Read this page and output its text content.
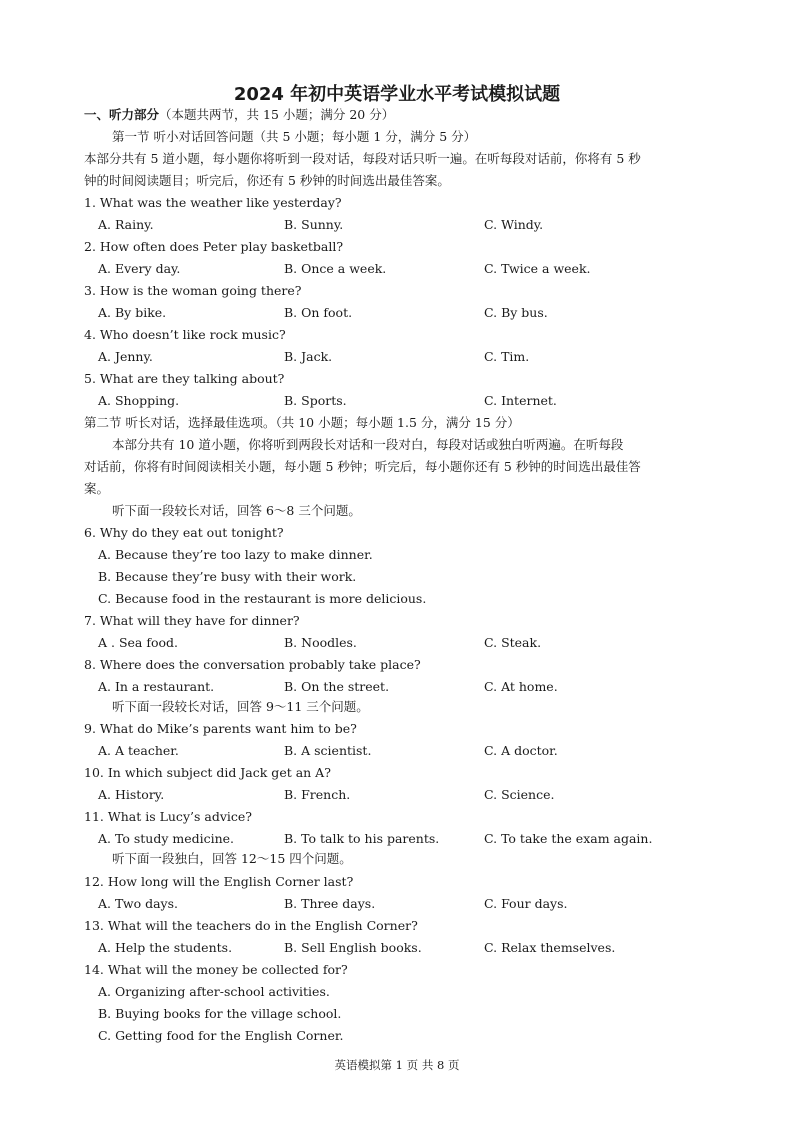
2024 年初中英语学业水平考试模拟试题
一、听力部分（本题共两节，共 15 小题；满分 20 分）
第一节 听小对话回答问题（共 5 小题；每小题 1 分，满分 5 分）
本部分共有 5 道小题，每小题你将听到一段对话，每段对话只听一遍。在听每段对话前，你将有 5 秒
钟的时间阅读题目；听完后，你还有 5 秒钟的时间选出最佳答案。
1. What was the weather like yesterday?
A. Rainy.	B. Sunny.	C. Windy.
2. How often does Peter play basketball?
A. Every day.	B. Once a week.	C. Twice a week.
3. How is the woman going there?
A. By bike.	B. On foot.	C. By bus.
4. Who doesn’t like rock music?
A. Jenny.	B. Jack.	C. Tim.
5. What are they talking about?
A. Shopping.	B. Sports.	C. Internet.
第二节 听长对话，选择最佳选项。（共 10 小题；每小题 1.5 分，满分 15 分）
本部分共有 10 道小题，你将听到两段长对话和一段对白，每段对话或独白听两遍。在听每段
对话前，你将有时间阅读相关小题，每小题 5 秒钟；听完后，每小题你还有 5 秒钟的时间选出最佳答
案。
听下面一段较长对话，回答 6～8 三个问题。
6. Why do they eat out tonight?
A. Because they’re too lazy to make dinner.
B. Because they’re busy with their work.
C. Because food in the restaurant is more delicious.
7. What will they have for dinner?
A . Sea food.	B. Noodles.	C. Steak.
8. Where does the conversation probably take place?
A. In a restaurant.	B. On the street.	C. At home.
听下面一段较长对话，回答 9～11 三个问题。
9. What do Mike’s parents want him to be?
A. A teacher.	B. A scientist.	C. A doctor.
10. In which subject did Jack get an A?
A. History.	B. French.	C. Science.
11. What is Lucy’s advice?
A. To study medicine.	B. To talk to his parents.	C. To take the exam again.
听下面一段独白，回答 12～15 四个问题。
12. How long will the English Corner last?
A. Two days.	B. Three days.	C. Four days.
13. What will the teachers do in the English Corner?
A. Help the students.	B. Sell English books.	C. Relax themselves.
14. What will the money be collected for?
A. Organizing after-school activities.
B. Buying books for the village school.
C. Getting food for the English Corner.
英语模拟第 1 页 共 8 页
